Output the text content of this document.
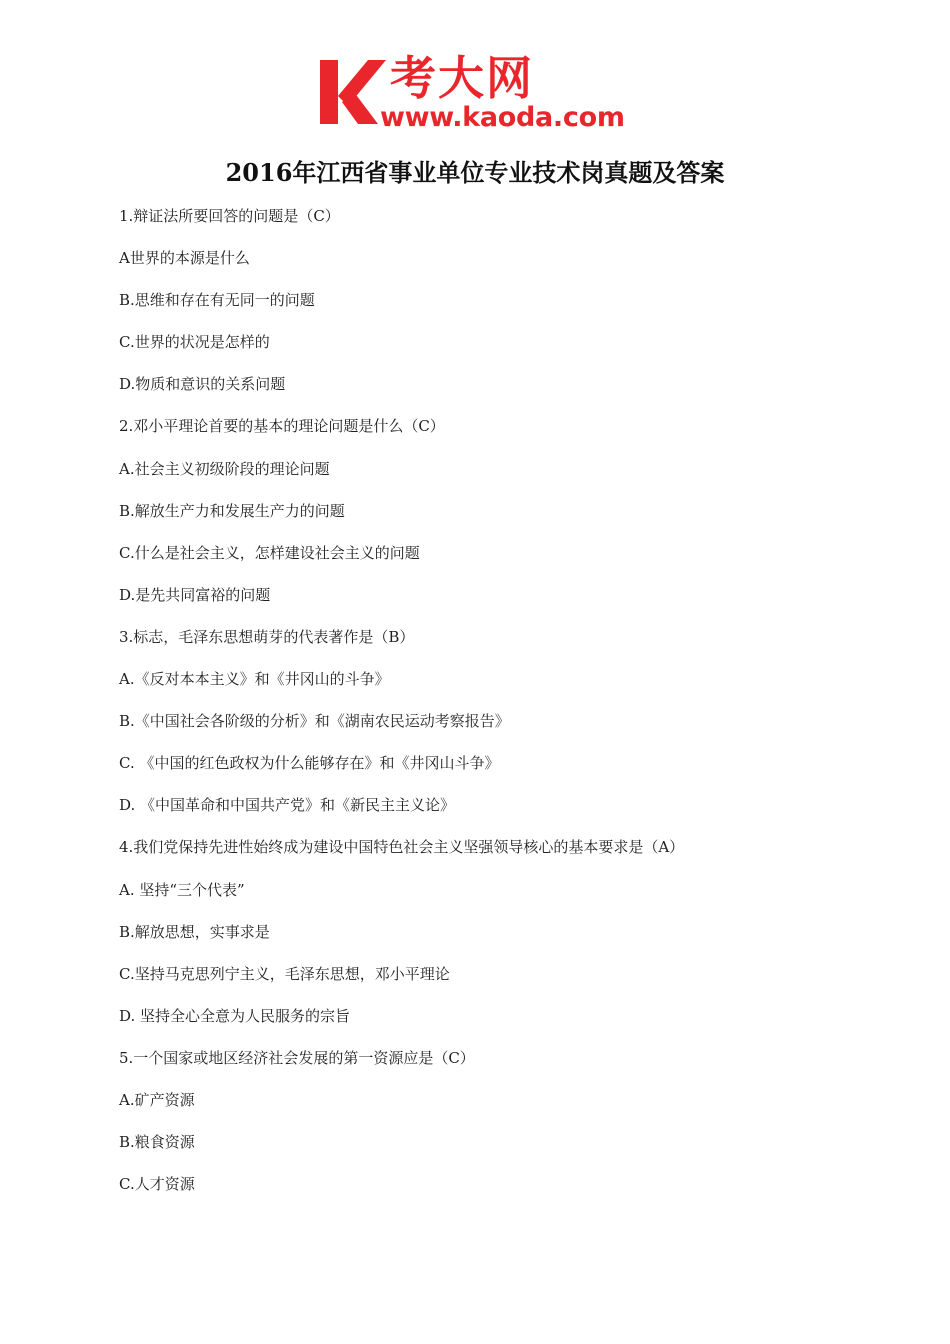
考大网
www.kaoda.com
2016年江西省事业单位专业技术岗真题及答案
1.辩证法所要回答的问题是（C）
A世界的本源是什么
B.思维和存在有无同一的问题
C.世界的状况是怎样的
D.物质和意识的关系问题
2.邓小平理论首要的基本的理论问题是什么（C）
A.社会主义初级阶段的理论问题
B.解放生产力和发展生产力的问题
C.什么是社会主义，怎样建设社会主义的问题
D.是先共同富裕的问题
3.标志，毛泽东思想萌芽的代表著作是（B）
A.《反对本本主义》和《井冈山的斗争》
B.《中国社会各阶级的分析》和《湖南农民运动考察报告》
C. 《中国的红色政权为什么能够存在》和《井冈山斗争》
D. 《中国革命和中国共产党》和《新民主主义论》
4.我们党保持先进性始终成为建设中国特色社会主义坚强领导核心的基本要求是（A）
A. 坚持“三个代表”
B.解放思想，实事求是
C.坚持马克思列宁主义，毛泽东思想，邓小平理论
D. 坚持全心全意为人民服务的宗旨
5.一个国家或地区经济社会发展的第一资源应是（C）
A.矿产资源
B.粮食资源
C.人才资源
